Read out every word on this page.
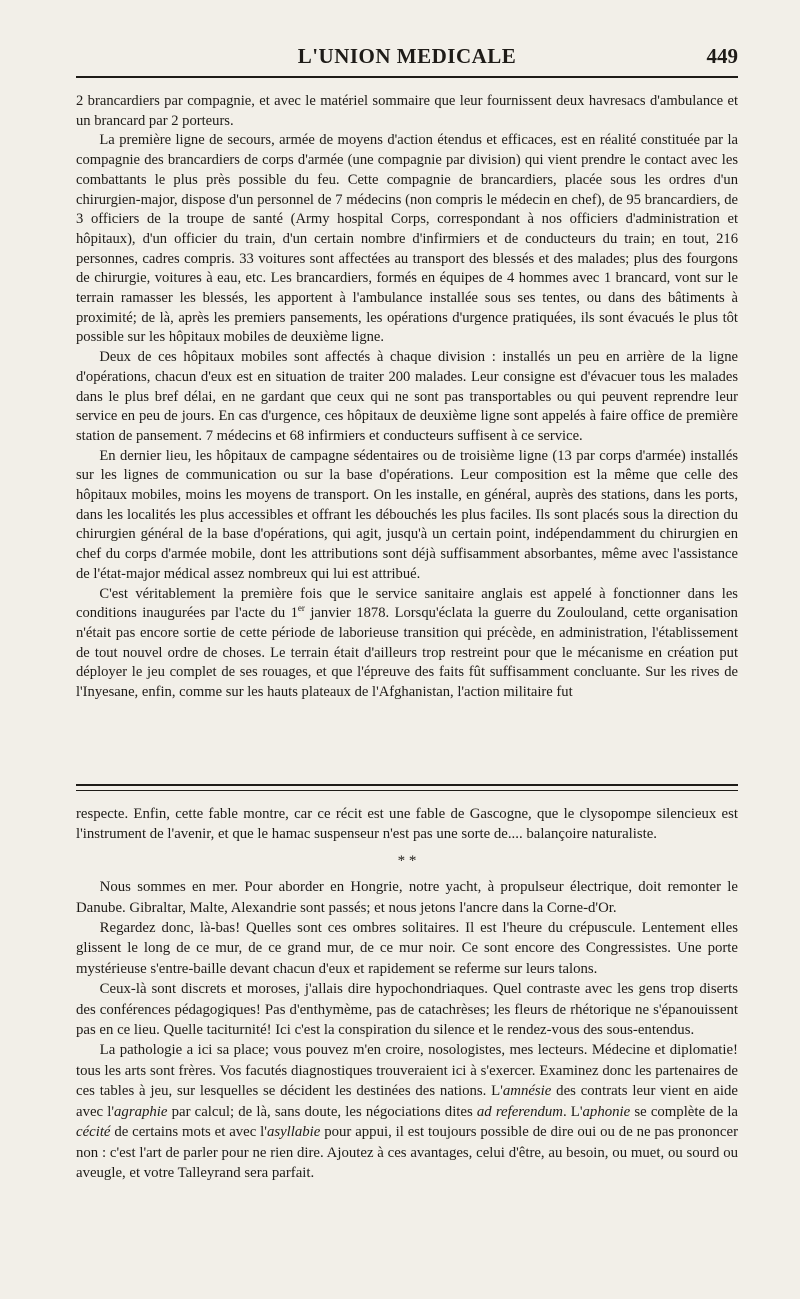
L'UNION MEDICALE	449

2 brancardiers par compagnie, et avec le matériel sommaire que leur fournissent deux havresacs d'ambulance et un brancard par 2 porteurs.

La première ligne de secours, armée de moyens d'action étendus et efficaces, est en réalité constituée par la compagnie des brancardiers de corps d'armée (une compagnie par division) qui vient prendre le contact avec les combattants le plus près possible du feu. Cette compagnie de brancardiers, placée sous les ordres d'un chirurgien-major, dispose d'un personnel de 7 médecins (non compris le médecin en chef), de 95 brancardiers, de 3 officiers de la troupe de santé (Army hospital Corps, correspondant à nos officiers d'administration et hôpitaux), d'un officier du train, d'un certain nombre d'infirmiers et de conducteurs du train; en tout, 216 personnes, cadres compris. 33 voitures sont affectées au transport des blessés et des malades; plus des fourgons de chirurgie, voitures à eau, etc. Les brancardiers, formés en équipes de 4 hommes avec 1 brancard, vont sur le terrain ramasser les blessés, les apportent à l'ambulance installée sous ses tentes, ou dans des bâtiments à proximité; de là, après les premiers pansements, les opérations d'urgence pratiquées, ils sont évacués le plus tôt possible sur les hôpitaux mobiles de deuxième ligne.

Deux de ces hôpitaux mobiles sont affectés à chaque division : installés un peu en arrière de la ligne d'opérations, chacun d'eux est en situation de traiter 200 malades. Leur consigne est d'évacuer tous les malades dans le plus bref délai, en ne gardant que ceux qui ne sont pas transportables ou qui peuvent reprendre leur service en peu de jours. En cas d'urgence, ces hôpitaux de deuxième ligne sont appelés à faire office de première station de pansement. 7 médecins et 68 infirmiers et conducteurs suffisent à ce service.

En dernier lieu, les hôpitaux de campagne sédentaires ou de troisième ligne (13 par corps d'armée) installés sur les lignes de communication ou sur la base d'opérations. Leur composition est la même que celle des hôpitaux mobiles, moins les moyens de transport. On les installe, en général, auprès des stations, dans les ports, dans les localités les plus accessibles et offrant les débouchés les plus faciles. Ils sont placés sous la direction du chirurgien général de la base d'opérations, qui agit, jusqu'à un certain point, indépendamment du chirurgien en chef du corps d'armée mobile, dont les attributions sont déjà suffisamment absorbantes, même avec l'assistance de l'état-major médical assez nombreux qui lui est attribué.

C'est véritablement la première fois que le service sanitaire anglais est appelé à fonctionner dans les conditions inaugurées par l'acte du 1er janvier 1878. Lorsqu'éclata la guerre du Zoulouland, cette organisation n'était pas encore sortie de cette période de laborieuse transition qui précède, en administration, l'établissement de tout nouvel ordre de choses. Le terrain était d'ailleurs trop restreint pour que le mécanisme en création put déployer le jeu complet de ses rouages, et que l'épreuve des faits fût suffisamment concluante. Sur les rives de l'Inyesane, enfin, comme sur les hauts plateaux de l'Afghanistan, l'action militaire fut

respecte. Enfin, cette fable montre, car ce récit est une fable de Gascogne, que le clysopompe silencieux est l'instrument de l'avenir, et que le hamac suspenseur n'est pas une sorte de.... balançoire naturaliste.

* *

Nous sommes en mer. Pour aborder en Hongrie, notre yacht, à propulseur électrique, doit remonter le Danube. Gibraltar, Malte, Alexandrie sont passés; et nous jetons l'ancre dans la Corne-d'Or.

Regardez donc, là-bas! Quelles sont ces ombres solitaires. Il est l'heure du crépuscule. Lentement elles glissent le long de ce mur, de ce grand mur, de ce mur noir. Ce sont encore des Congressistes. Une porte mystérieuse s'entre-baille devant chacun d'eux et rapidement se referme sur leurs talons.

Ceux-là sont discrets et moroses, j'allais dire hypochondriaques. Quel contraste avec les gens trop diserts des conférences pédagogiques! Pas d'enthymème, pas de catachrèses; les fleurs de rhétorique ne s'épanouissent pas en ce lieu. Quelle taciturnité! Ici c'est la conspiration du silence et le rendez-vous des sous-entendus.

La pathologie a ici sa place; vous pouvez m'en croire, nosologistes, mes lecteurs. Médecine et diplomatie! tous les arts sont frères. Vos facutés diagnostiques trouveraient ici à s'exercer. Examinez donc les partenaires de ces tables à jeu, sur lesquelles se décident les destinées des nations. L'amnésie des contrats leur vient en aide avec l'agraphie par calcul; de là, sans doute, les négociations dites ad referendum. L'aphonie se complète de la cécité de certains mots et avec l'asyllabie pour appui, il est toujours possible de dire oui ou de ne pas prononcer non : c'est l'art de parler pour ne rien dire. Ajoutez à ces avantages, celui d'être, au besoin, ou muet, ou sourd ou aveugle, et votre Talleyrand sera parfait.
